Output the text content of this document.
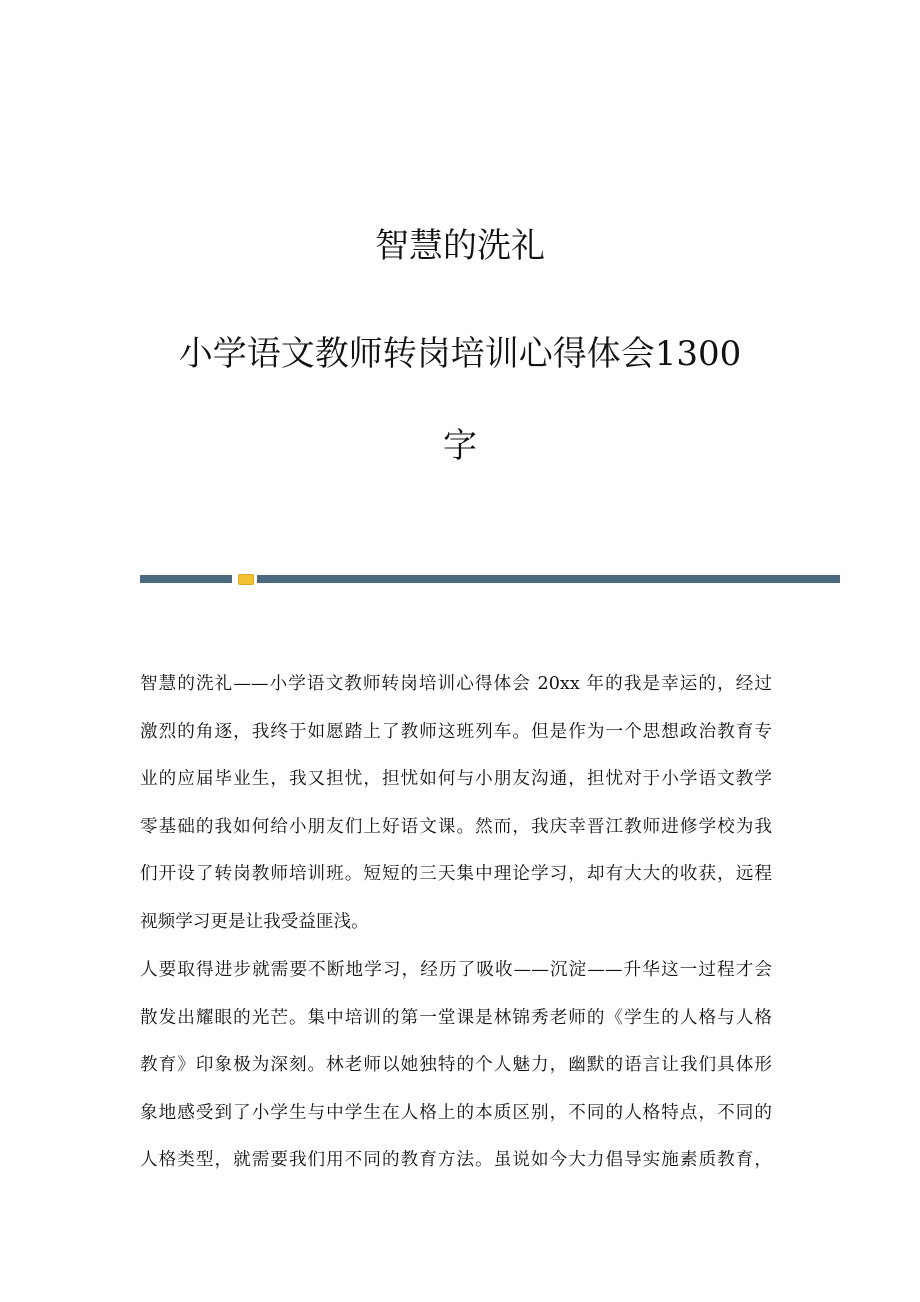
智慧的洗礼
小学语文教师转岗培训心得体会1300
字
智慧的洗礼——小学语文教师转岗培训心得体会 20xx 年的我是幸运的，经过
激烈的角逐，我终于如愿踏上了教师这班列车。但是作为一个思想政治教育专
业的应届毕业生，我又担忧，担忧如何与小朋友沟通，担忧对于小学语文教学
零基础的我如何给小朋友们上好语文课。然而，我庆幸晋江教师进修学校为我
们开设了转岗教师培训班。短短的三天集中理论学习，却有大大的收获，远程
视频学习更是让我受益匪浅。
人要取得进步就需要不断地学习，经历了吸收——沉淀——升华这一过程才会
散发出耀眼的光芒。集中培训的第一堂课是林锦秀老师的《学生的人格与人格
教育》印象极为深刻。林老师以她独特的个人魅力，幽默的语言让我们具体形
象地感受到了小学生与中学生在人格上的本质区别，不同的人格特点，不同的
人格类型，就需要我们用不同的教育方法。虽说如今大力倡导实施素质教育，
